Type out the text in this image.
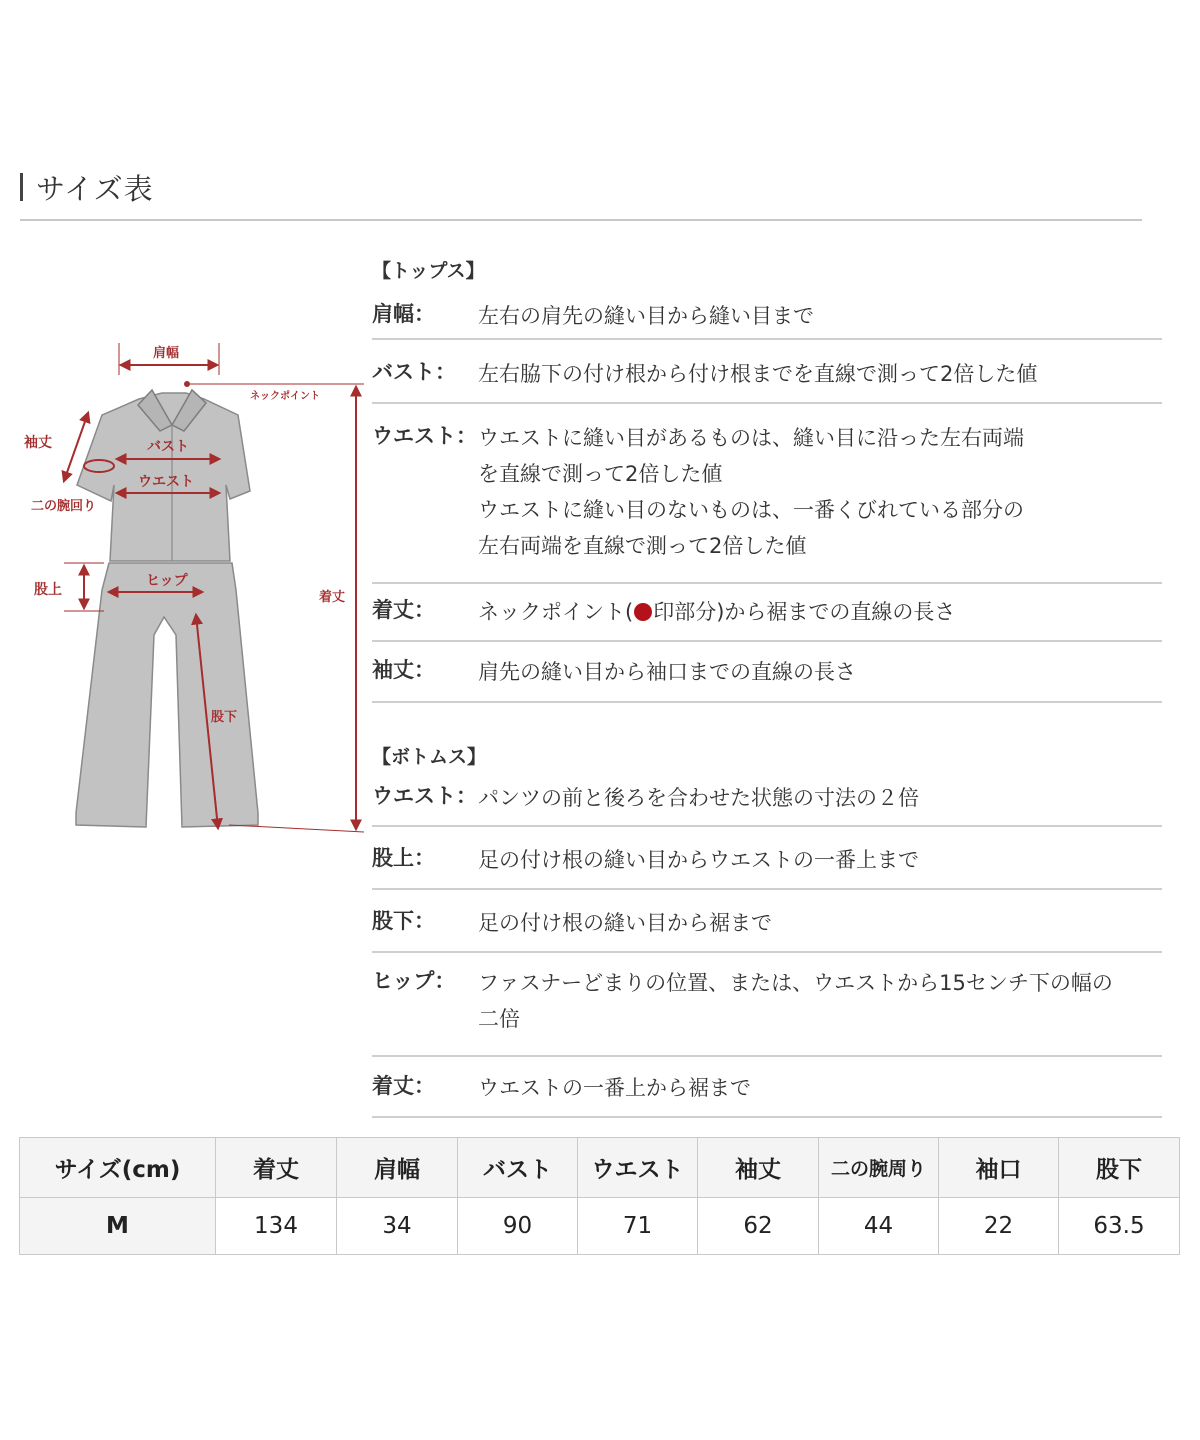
サイズ表
肩幅
ネックポイント
袖丈	バスト
ウエスト
二の腕回り
股上
ヒップ
着丈
股下
【トップス】
肩幅： 左右の肩先の縫い目から縫い目まで
バスト： 左右脇下の付け根から付け根までを直線で測って2倍した値
ウエスト： ウエストに縫い目があるものは、縫い目に沿った左右両端
を直線で測って2倍した値
ウエストに縫い目のないものは、一番くびれている部分の
左右両端を直線で測って2倍した値
着丈： ネックポイント( 印部分)から裾までの直線の長さ
袖丈： 肩先の縫い目から袖口までの直線の長さ
【ボトムス】
ウエスト： パンツの前と後ろを合わせた状態の寸法の２倍
股上： 足の付け根の縫い目からウエストの一番上まで
股下： 足の付け根の縫い目から裾まで
ヒップ： ファスナーどまりの位置、または、ウエストから15センチ下の幅の
二倍
着丈： ウエストの一番上から裾まで
サイズ(cm)	着丈	肩幅	バスト	ウエスト	袖丈	二の腕周り	袖口	股下
M	134	34	90	71	62	44	22	63.5
